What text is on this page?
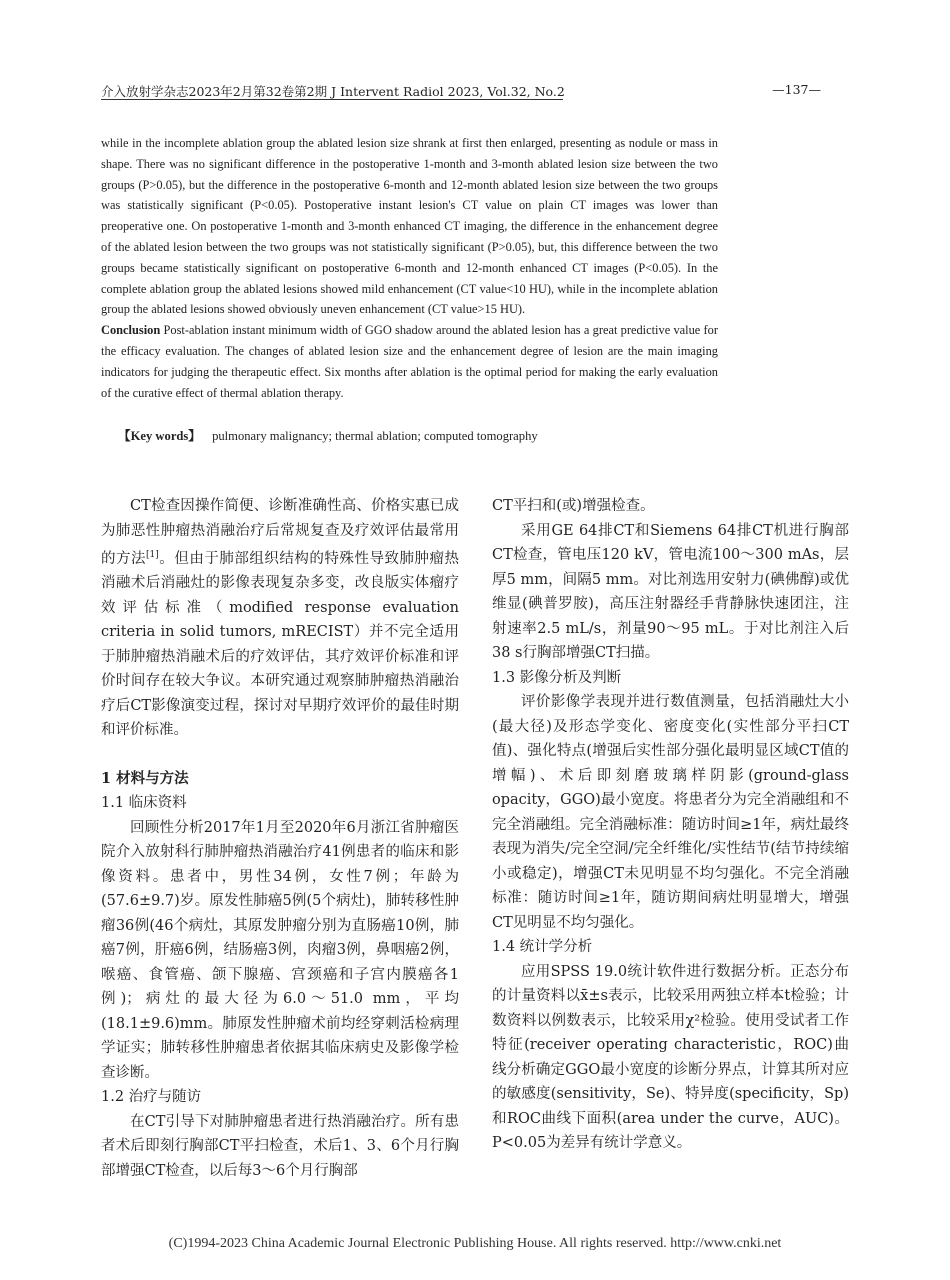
介入放射学杂志2023年2月第32卷第2期 J Intervent Radiol 2023, Vol.32, No.2	—137—

while in the incomplete ablation group the ablated lesion size shrank at first then enlarged, presenting as nodule or mass in shape. There was no significant difference in the postoperative 1-month and 3-month ablated lesion size between the two groups (P>0.05), but the difference in the postoperative 6-month and 12-month ablated lesion size between the two groups was statistically significant (P<0.05). Postoperative instant lesion's CT value on plain CT images was lower than preoperative one. On postoperative 1-month and 3-month enhanced CT imaging, the difference in the enhancement degree of the ablated lesion between the two groups was not statistically significant (P>0.05), but, this difference between the two groups became statistically significant on postoperative 6-month and 12-month enhanced CT images (P<0.05). In the complete ablation group the ablated lesions showed mild enhancement (CT value<10 HU), while in the incomplete ablation group the ablated lesions showed obviously uneven enhancement (CT value>15 HU).

Conclusion Post-ablation instant minimum width of GGO shadow around the ablated lesion has a great predictive value for the efficacy evaluation. The changes of ablated lesion size and the enhancement degree of lesion are the main imaging indicators for judging the therapeutic effect. Six months after ablation is the optimal period for making the early evaluation of the curative effect of thermal ablation therapy.

【Key words】 pulmonary malignancy; thermal ablation; computed tomography

CT检查因操作简便、诊断准确性高、价格实惠已成为肺恶性肿瘤热消融治疗后常规复查及疗效评估最常用的方法[1]。但由于肺部组织结构的特殊性导致肺肿瘤热消融术后消融灶的影像表现复杂多变，改良版实体瘤疗效评估标准（modified response evaluation criteria in solid tumors, mRECIST）并不完全适用于肺肿瘤热消融术后的疗效评估，其疗效评价标准和评价时间存在较大争议。本研究通过观察肺肿瘤热消融治疗后CT影像演变过程，探讨对早期疗效评价的最佳时期和评价标准。

1 材料与方法

1.1 临床资料

回顾性分析2017年1月至2020年6月浙江省肿瘤医院介入放射科行肺肿瘤热消融治疗41例患者的临床和影像资料。患者中，男性34例，女性7例；年龄为(57.6±9.7)岁。原发性肺癌5例(5个病灶)，肺转移性肿瘤36例(46个病灶，其原发肿瘤分别为直肠癌10例，肺癌7例，肝癌6例，结肠癌3例，肉瘤3例，鼻咽癌2例，喉癌、食管癌、颌下腺癌、宫颈癌和子宫内膜癌各1例)；病灶的最大径为6.0～51.0 mm，平均(18.1±9.6)mm。肺原发性肿瘤术前均经穿刺活检病理学证实；肺转移性肿瘤患者依据其临床病史及影像学检查诊断。

1.2 治疗与随访

在CT引导下对肺肿瘤患者进行热消融治疗。所有患者术后即刻行胸部CT平扫检查，术后1、3、6个月行胸部增强CT检查，以后每3～6个月行胸部

CT平扫和(或)增强检查。

采用GE 64排CT和Siemens 64排CT机进行胸部CT检查，管电压120 kV，管电流100～300 mAs，层厚5 mm，间隔5 mm。对比剂选用安射力(碘佛醇)或优维显(碘普罗胺)，高压注射器经手背静脉快速团注，注射速率2.5 mL/s，剂量90～95 mL。于对比剂注入后38 s行胸部增强CT扫描。

1.3 影像分析及判断

评价影像学表现并进行数值测量，包括消融灶大小(最大径)及形态学变化、密度变化(实性部分平扫CT值)、强化特点(增强后实性部分强化最明显区域CT值的增幅)、术后即刻磨玻璃样阴影(ground-glass opacity，GGO)最小宽度。将患者分为完全消融组和不完全消融组。完全消融标准：随访时间≥1年，病灶最终表现为消失/完全空洞/完全纤维化/实性结节(结节持续缩小或稳定)，增强CT未见明显不均匀强化。不完全消融标准：随访时间≥1年，随访期间病灶明显增大，增强CT见明显不均匀强化。

1.4 统计学分析

应用SPSS 19.0统计软件进行数据分析。正态分布的计量资料以x̄±s表示，比较采用两独立样本t检验；计数资料以例数表示，比较采用χ²检验。使用受试者工作特征(receiver operating characteristic，ROC)曲线分析确定GGO最小宽度的诊断分界点，计算其所对应的敏感度(sensitivity，Se)、特异度(specificity，Sp)和ROC曲线下面积(area under the curve，AUC)。P<0.05为差异有统计学意义。

(C)1994-2023 China Academic Journal Electronic Publishing House. All rights reserved. http://www.cnki.net
